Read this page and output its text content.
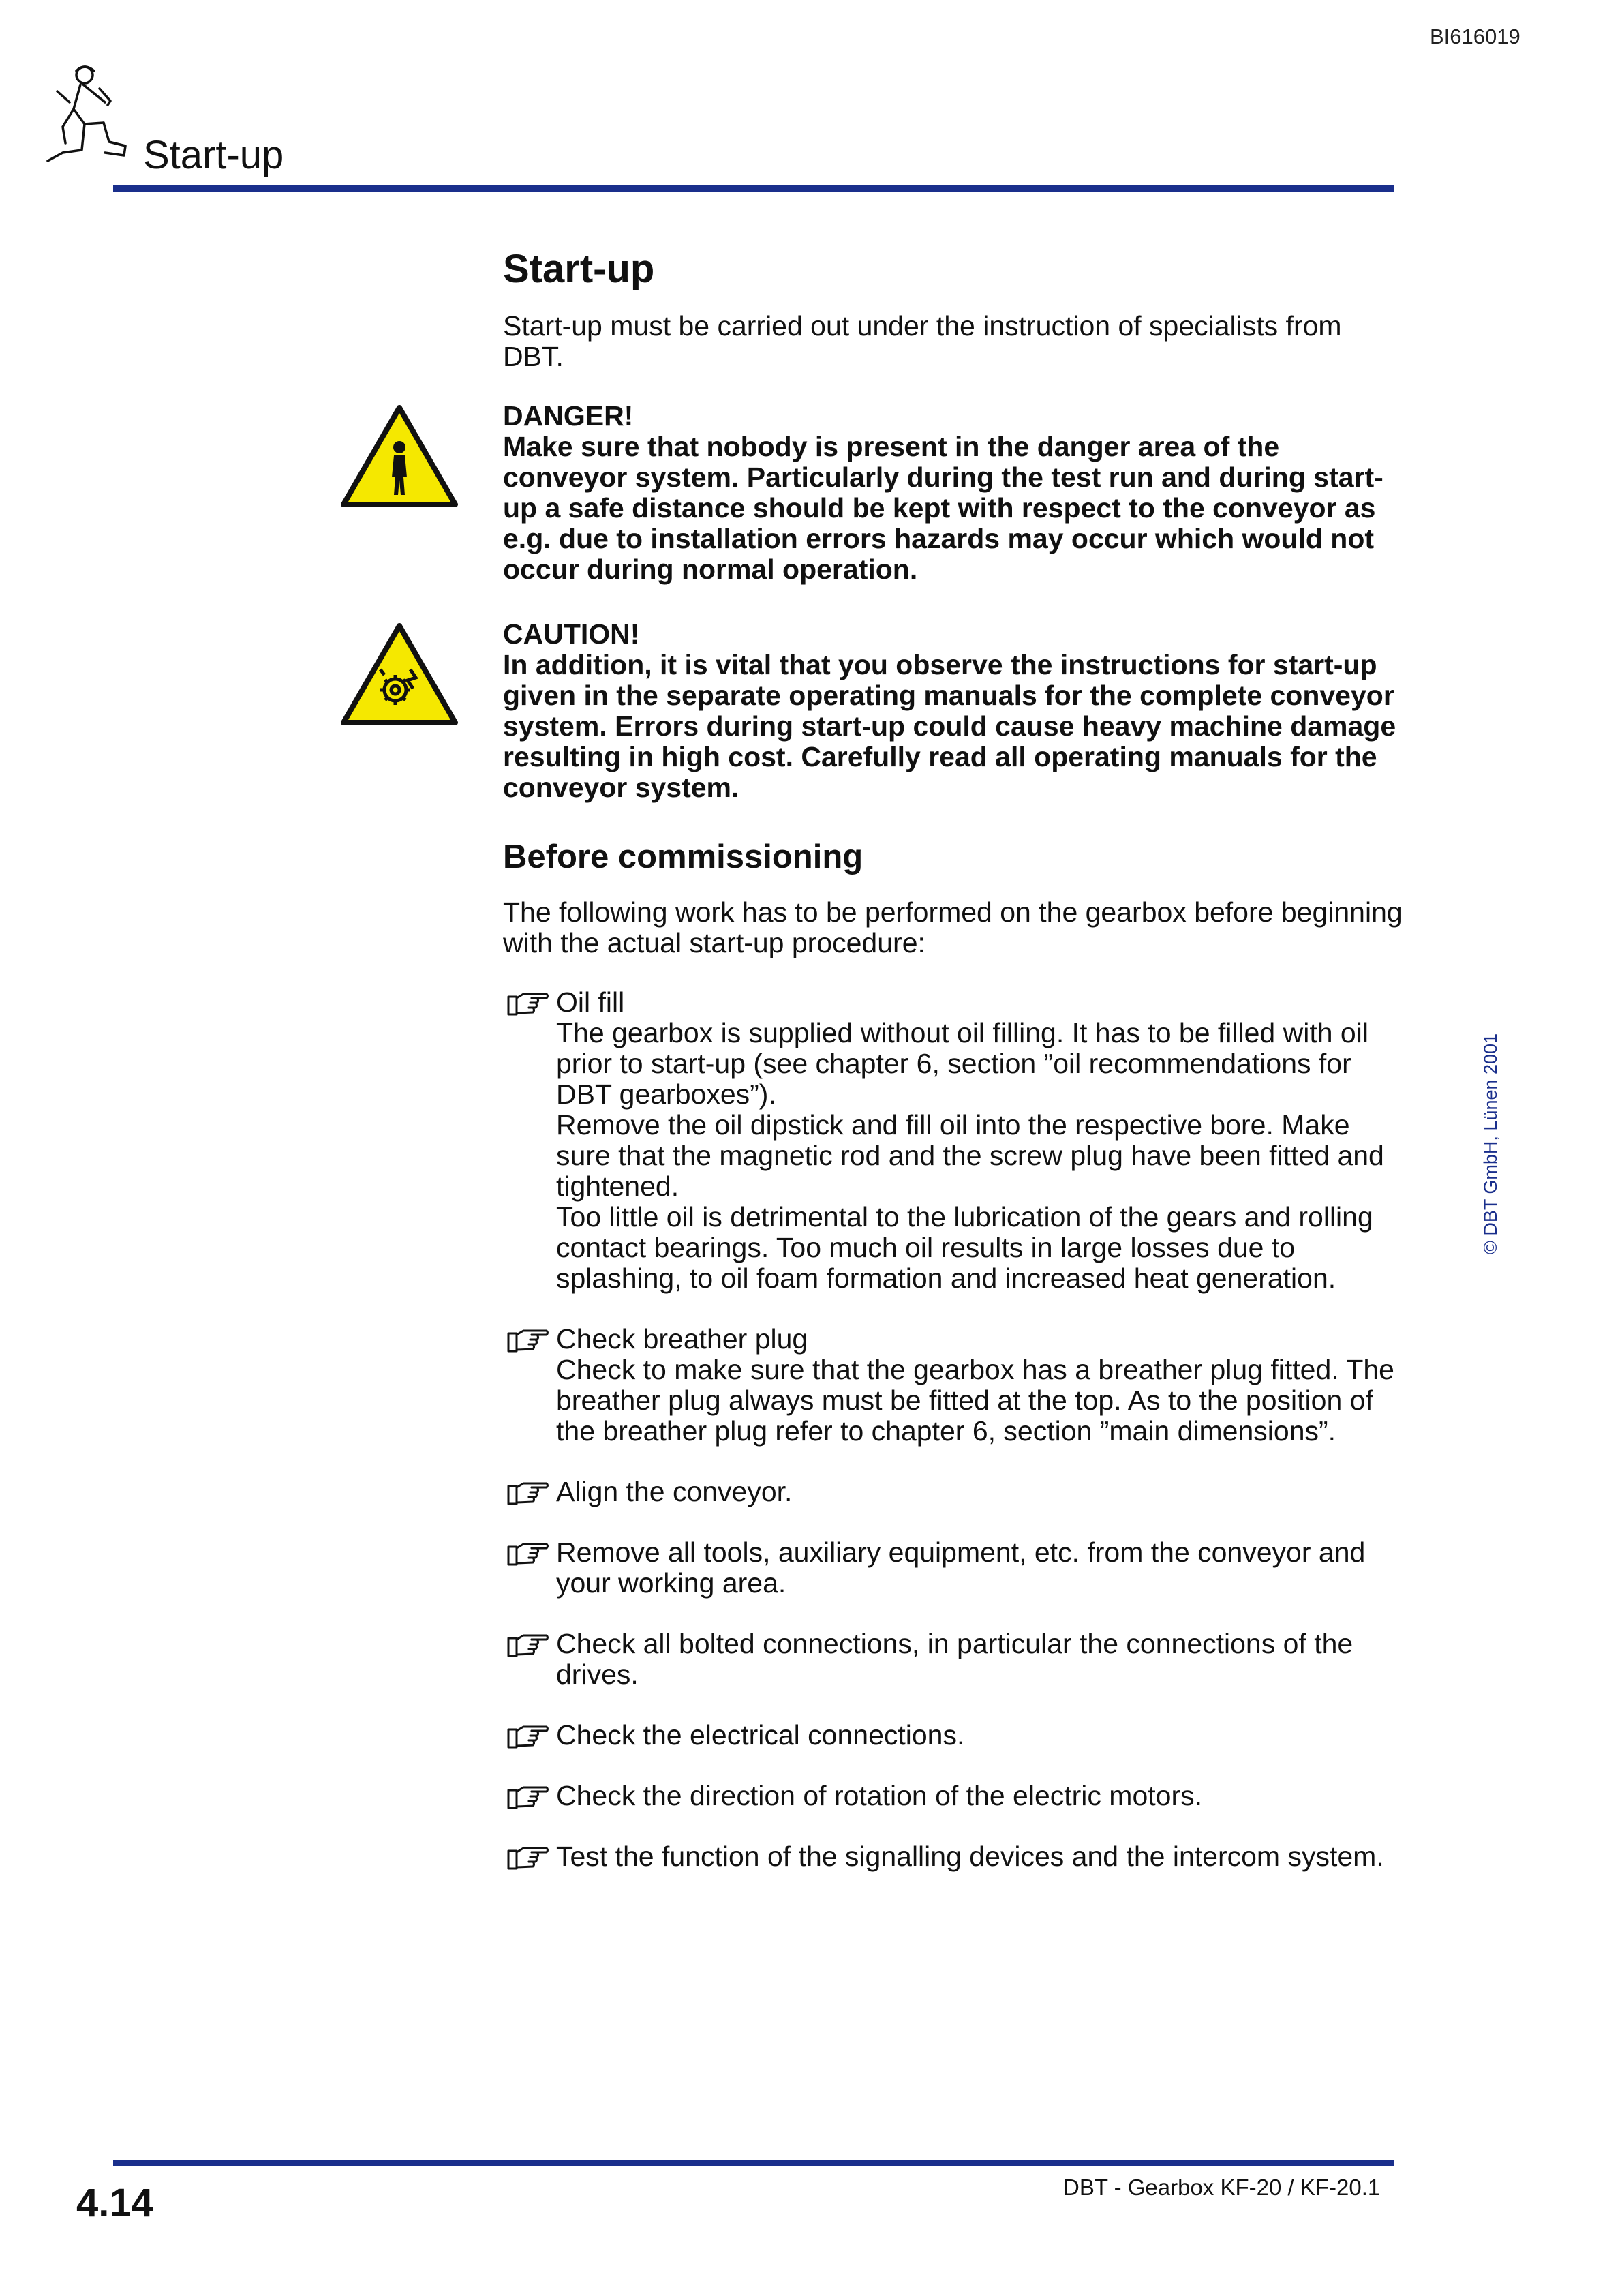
BI616019
Start-up
Start-up
Start-up must be carried out under the instruction of specialists from DBT.
DANGER!
Make sure that nobody is present in the danger area of the conveyor system. Particularly during the test run and during start-up a safe distance should be kept with respect to the conveyor as e.g. due to installation errors hazards may occur which would not occur during normal operation.
CAUTION!
In addition, it is vital that you observe the instructions for start-up given in the separate operating manuals for the complete conveyor system. Errors during start-up could cause heavy machine damage resulting in high cost. Carefully read all operating manuals for the conveyor system.
Before commissioning
The following work has to be performed on the gearbox before beginning with the actual start-up procedure:
Oil fill
The gearbox is supplied without oil filling. It has to be filled with oil prior to start-up (see chapter 6, section ”oil recommendations for DBT gearboxes”).
Remove the oil dipstick and fill oil into the respective bore. Make sure that the magnetic rod and the screw plug have been fitted and tightened.
Too little oil is detrimental to the lubrication of the gears and rolling contact bearings. Too much oil results in large losses due to splashing, to oil foam formation and increased heat generation.
Check breather plug
Check to make sure that the gearbox has a breather plug fitted. The breather plug always must be fitted at the top. As to the position of the breather plug refer to chapter 6, section ”main dimensions”.
Align the conveyor.
Remove all tools, auxiliary equipment, etc. from the conveyor and your working area.
Check all bolted connections, in particular the connections of the drives.
Check the electrical connections.
Check the direction of rotation of the electric motors.
Test the function of the signalling devices and the intercom system.
© DBT GmbH, Lünen 2001
4.14	DBT - Gearbox KF-20 / KF-20.1
